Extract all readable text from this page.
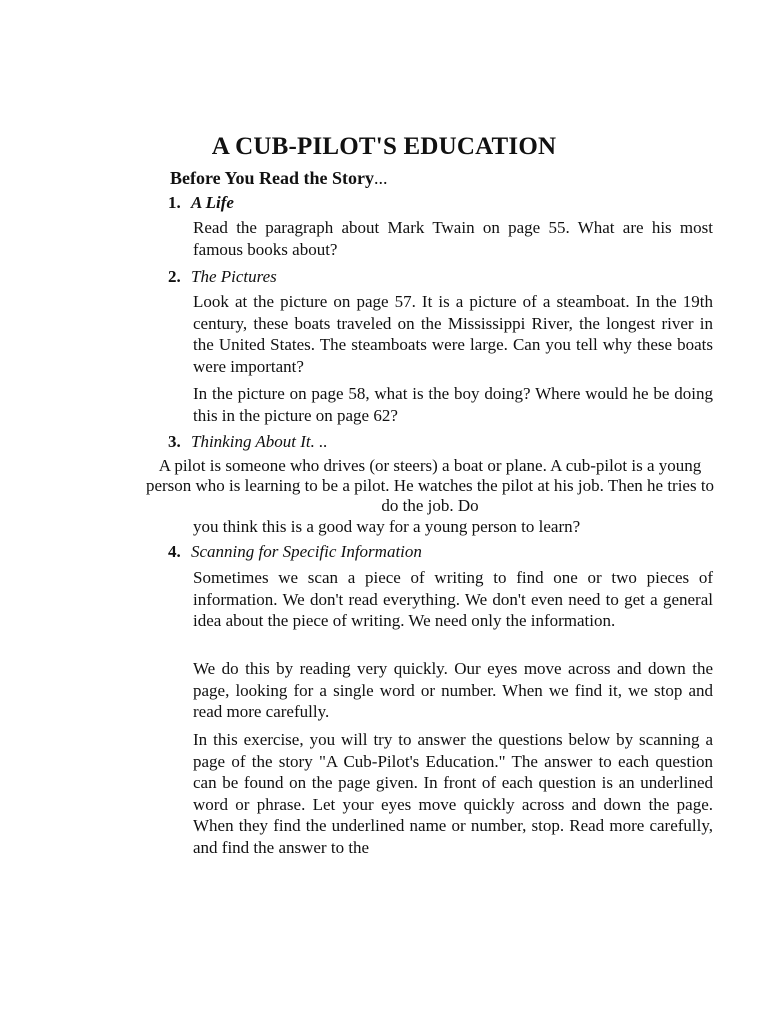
A CUB-PILOT'S EDUCATION
Before You Read the Story...
1. A Life
Read the paragraph about Mark Twain on page 55. What are his most famous books about?
2. The Pictures
Look at the picture on page 57. It is a picture of a steamboat. In the 19th century, these boats traveled on the Mississippi River, the longest river in the United States. The steamboats were large. Can you tell why these boats were important?
In the picture on page 58, what is the boy doing? Where would he be doing this in the picture on page 62?
3. Thinking About It. ..
A pilot is someone who drives (or steers) a boat or plane. A cub-pilot is a young person who is learning to be a pilot. He watches the pilot at his job. Then he tries to do the job. Do
you think this is a good way for a young person to learn?
4. Scanning for Specific Information
Sometimes we scan a piece of writing to find one or two pieces of information. We don't read everything. We don't even need to get a general idea about the piece of writing. We need only the information.
We do this by reading very quickly. Our eyes move across and down the page, looking for a single word or number. When we find it, we stop and read more carefully.
In this exercise, you will try to answer the questions below by scanning a page of the story "A Cub-Pilot's Education." The answer to each question can be found on the page given. In front of each question is an underlined word or phrase. Let your eyes move quickly across and down the page. When they find the underlined name or number, stop. Read more carefully, and find the answer to the
